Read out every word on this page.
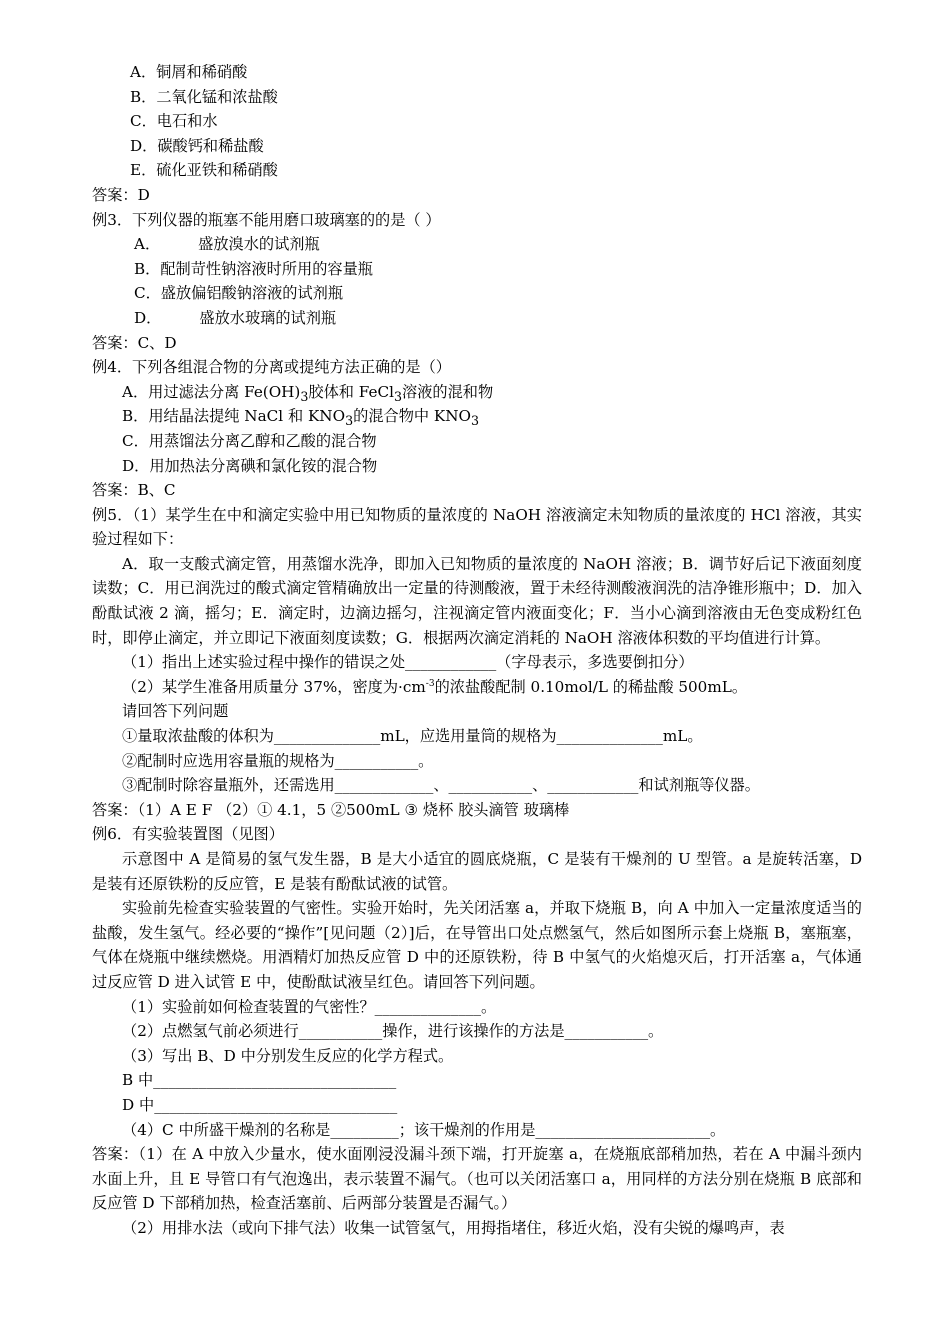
A．铜屑和稀硝酸
B．二氧化锰和浓盐酸
C．电石和水
D．碳酸钙和稀盐酸
E．硫化亚铁和稀硝酸
答案：D
例3．下列仪器的瓶塞不能用磨口玻璃塞的的是（ ）
A．	盛放溴水的试剂瓶
B．配制苛性钠溶液时所用的容量瓶
C．盛放偏铝酸钠溶液的试剂瓶
D．	盛放水玻璃的试剂瓶
答案：C、D
例4．下列各组混合物的分离或提纯方法正确的是（）
A．用过滤法分离 $Fe(OH)_3$胶体和 FeCl$_3$溶液的混和物
B．用结晶法提纯 NaCl 和 $KNO_3$的混合物中 $KNO_3$
C．用蒸馏法分离乙醇和乙酸的混合物
D．用加热法分离碘和氯化铵的混合物
答案：B、C
例5．（1）某学生在中和滴定实验中用已知物质的量浓度的 NaOH 溶液滴定未知物质的量浓度的 HCl 溶液，其实验过程如下：
A．取一支酸式滴定管，用蒸馏水洗净，即加入已知物质的量浓度的 NaOH 溶液；B．调节好后记下液面刻度读数；C．用已润洗过的酸式滴定管精确放出一定量的待测酸液，置于未经待测酸液润洗的洁净锥形瓶中；D．加入酚酞试液 2 滴，摇匀；E．滴定时，边滴边摇匀，注视滴定管内液面变化；F．当小心滴到溶液由无色变成粉红色时，即停止滴定，并立即记下液面刻度读数；G．根据两次滴定消耗的 NaOH 溶液体积数的平均值进行计算。
（1）指出上述实验过程中操作的错误之处____________（字母表示，多选要倒扣分）
（2）某学生准备用质量分 37%，密度为$\cdot cm^{-3}$的浓盐酸配制 0.10mol/L 的稀盐酸 500mL。
请回答下列问题
①量取浓盐酸的体积为______________mL，应选用量筒的规格为______________mL。
②配制时应选用容量瓶的规格为___________。
③配制时除容量瓶外，还需选用_____________、___________、____________和试剂瓶等仪器。
答案：（1）A E F （2）① 4.1，5 ②500mL ③ 烧杯 胶头滴管 玻璃棒
例6．有实验装置图（见图）
示意图中 A 是简易的氢气发生器，B 是大小适宜的圆底烧瓶，C 是装有干燥剂的 U 型管。a 是旋转活塞，D 是装有还原铁粉的反应管，E 是装有酚酞试液的试管。
实验前先检查实验装置的气密性。实验开始时，先关闭活塞 a，并取下烧瓶 B，向 A 中加入一定量浓度适当的盐酸，发生氢气。经必要的“操作”[见问题（2）]后，在导管出口处点燃氢气，然后如图所示套上烧瓶 B，塞瓶塞，气体在烧瓶中继续燃烧。用酒精灯加热反应管 D 中的还原铁粉，待 B 中氢气的火焰熄灭后，打开活塞 a，气体通过反应管 D 进入试管 E 中，使酚酞试液呈红色。请回答下列问题。
（1）实验前如何检查装置的气密性？______________。
（2）点燃氢气前必须进行___________操作，进行该操作的方法是___________。
（3）写出 B、D 中分别发生反应的化学方程式。
B 中________________________________
D 中________________________________
（4）C 中所盛干燥剂的名称是_________；该干燥剂的作用是_______________________。
答案：（1）在 A 中放入少量水，使水面刚浸没漏斗颈下端，打开旋塞 a，在烧瓶底部稍加热，若在 A 中漏斗颈内水面上升，且 E 导管口有气泡逸出，表示装置不漏气。（也可以关闭活塞口 a，用同样的方法分别在烧瓶 B 底部和反应管 D 下部稍加热，检查活塞前、后两部分装置是否漏气。）
（2）用排水法（或向下排气法）收集一试管氢气，用拇指堵住，移近火焰，没有尖锐的爆鸣声，表
